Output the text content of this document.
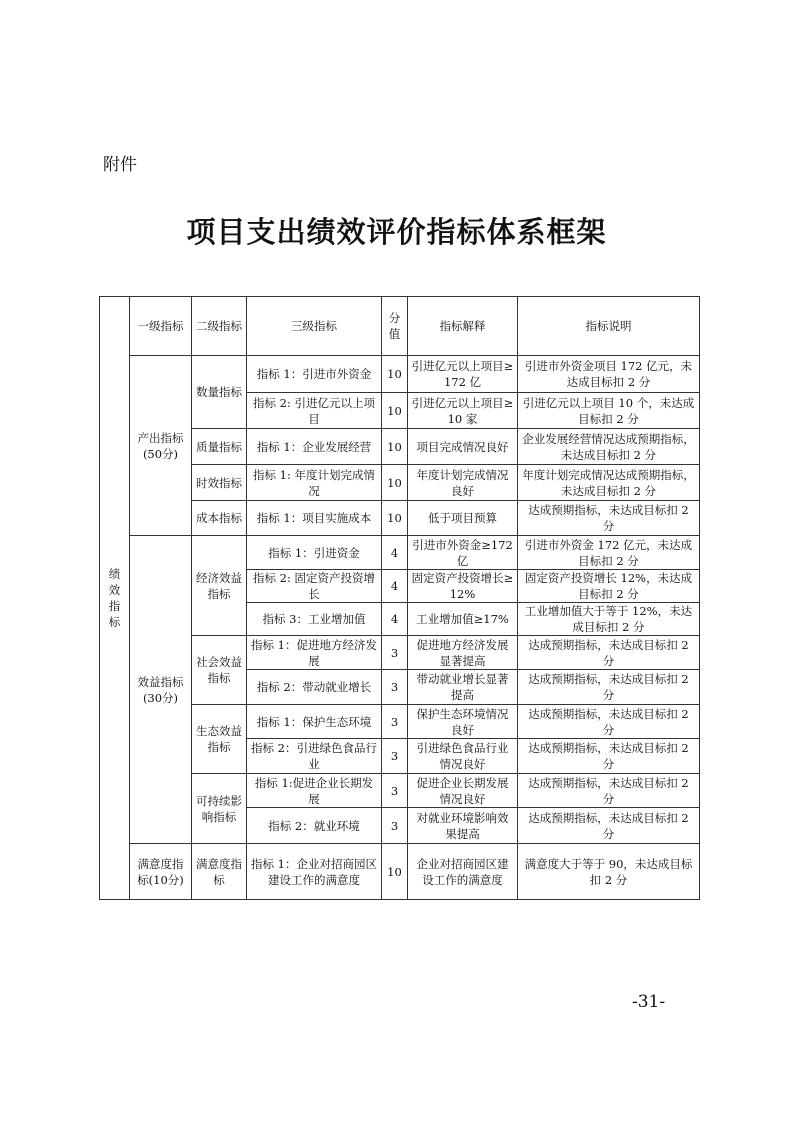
附件
项目支出绩效评价指标体系框架
绩效指标	一级指标	二级指标	三级指标	分值	指标解释	指标说明
	产出指标(50分)	数量指标	指标 1：引进市外资金	10	引进亿元以上项目≥172 亿	引进市外资金项目 172 亿元，未达成目标扣 2 分
			指标 2: 引进亿元以上项目	10	引进亿元以上项目≥10 家	引进亿元以上项目 10 个，未达成目标扣 2 分
		质量指标	指标 1：企业发展经营	10	项目完成情况良好	企业发展经营情况达成预期指标，未达成目标扣 2 分
		时效指标	指标 1: 年度计划完成情况	10	年度计划完成情况良好	年度计划完成情况达成预期指标，未达成目标扣 2 分
		成本指标	指标 1：项目实施成本	10	低于项目预算	达成预期指标，未达成目标扣 2 分
	效益指标(30分)	经济效益指标	指标 1：引进资金	4	引进市外资金≥172 亿	引进市外资金 172 亿元，未达成目标扣 2 分
			指标 2: 固定资产投资增长	4	固定资产投资增长≥12%	固定资产投资增长 12%，未达成目标扣 2 分
			指标 3：工业增加值	4	工业增加值≥17%	工业增加值大于等于 12%，未达成目标扣 2 分
		社会效益指标	指标 1：促进地方经济发展	3	促进地方经济发展显著提高	达成预期指标，未达成目标扣 2 分
			指标 2：带动就业增长	3	带动就业增长显著提高	达成预期指标，未达成目标扣 2 分
		生态效益指标	指标 1：保护生态环境	3	保护生态环境情况良好	达成预期指标，未达成目标扣 2 分
			指标 2：引进绿色食品行业	3	引进绿色食品行业情况良好	达成预期指标，未达成目标扣 2 分
		可持续影响指标	指标 1:促进企业长期发展	3	促进企业长期发展情况良好	达成预期指标，未达成目标扣 2 分
			指标 2：就业环境	3	对就业环境影响效果提高	达成预期指标，未达成目标扣 2 分
	满意度指标(10分)	满意度指标	指标 1：企业对招商园区建设工作的满意度	10	企业对招商园区建设工作的满意度	满意度大于等于 90，未达成目标扣 2 分
-31-
